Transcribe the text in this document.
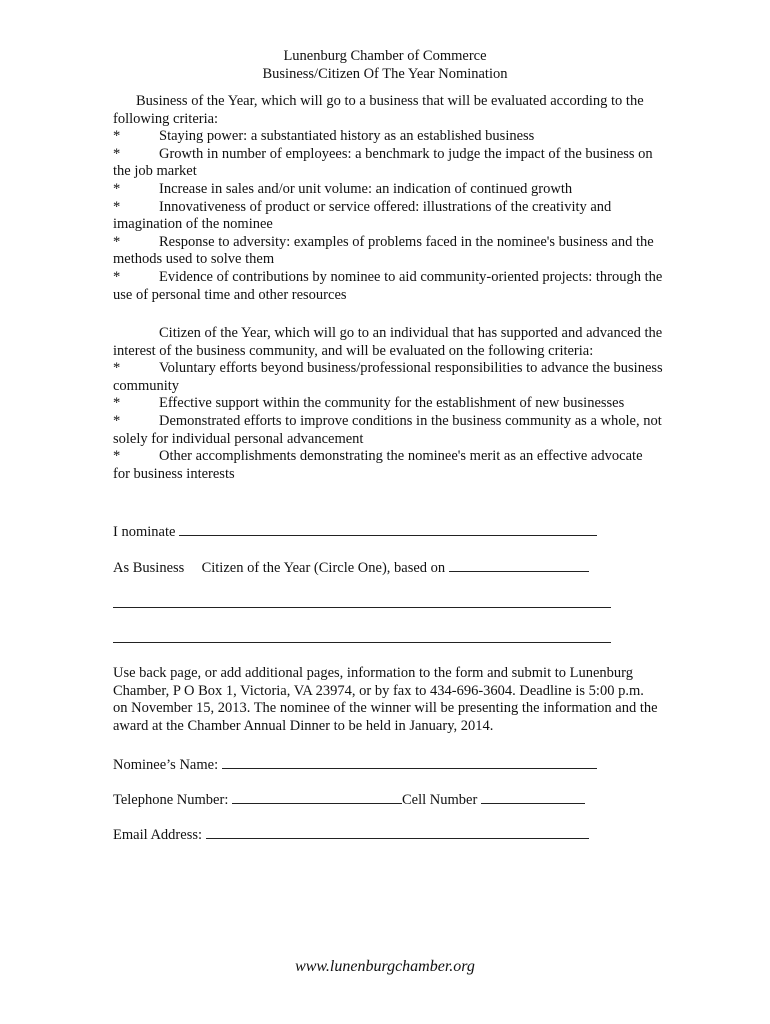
Lunenburg Chamber of Commerce
Business/Citizen Of The Year Nomination
Business of the Year, which will go to a business that will be evaluated according to the following criteria:
*	Staying power: a substantiated history as an established business
*	Growth in number of employees: a benchmark to judge the impact of the business on the job market
*	Increase in sales and/or unit volume: an indication of continued growth
*	Innovativeness of product or service offered: illustrations of the creativity and imagination of the nominee
*	Response to adversity: examples of problems faced in the nominee's business and the methods used to solve them
*	Evidence of contributions by nominee to aid community-oriented projects: through the use of personal time and other resources
Citizen of the Year, which will go to an individual that has supported and advanced the interest of the business community, and will be evaluated on the following criteria:
*	Voluntary efforts beyond business/professional responsibilities to advance the business community
*	Effective support within the community for the establishment of new businesses
*	Demonstrated efforts to improve conditions in the business community as a whole, not solely for individual personal advancement
*	Other accomplishments demonstrating the nominee's merit as an effective advocate for business interests
I nominate
As Business Citizen of the Year (Circle One), based on
Use back page, or add additional pages, information to the form and submit to Lunenburg Chamber, P O Box 1, Victoria, VA 23974, or by fax to 434-696-3604. Deadline is 5:00 p.m. on November 15, 2013. The nominee of the winner will be presenting the information and the award at the Chamber Annual Dinner to be held in January, 2014.
Nominee’s Name:
Telephone Number:	Cell Number
Email Address:
www.lunenburgchamber.org
